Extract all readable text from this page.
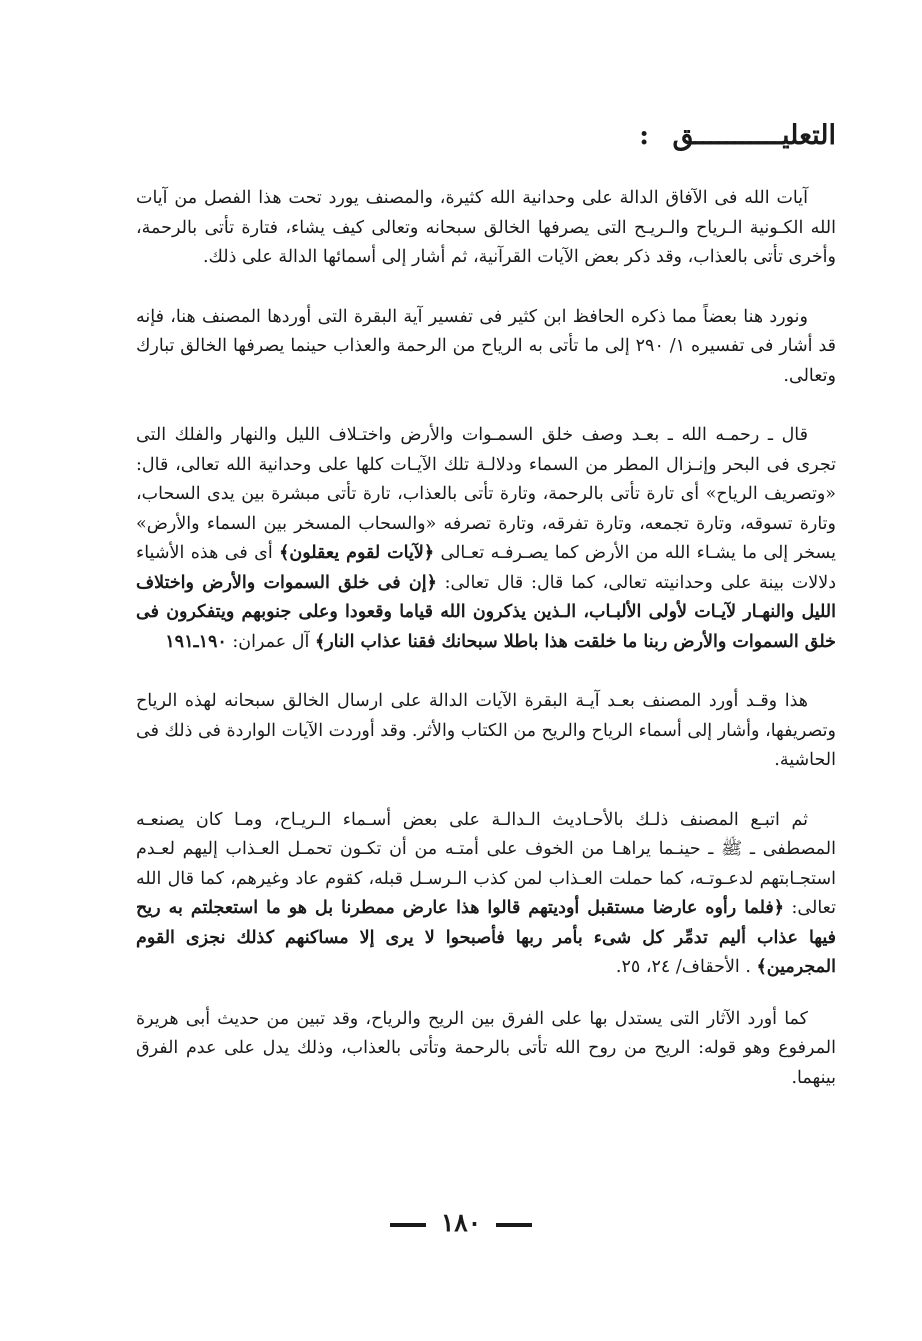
التعليـــــــــــق :

آيات الله فى الآفاق الدالة على وحدانية الله كثيرة، والمصنف يورد تحت هذا الفصل من آيات الله الكـونية الـرياح والـريـح التى يصرفها الخالق سبحانه وتعالى كيف يشاء، فتارة تأتى بالرحمة، وأخرى تأتى بالعذاب، وقد ذكر بعض الآيات القرآنية، ثم أشار إلى أسمائها الدالة على ذلك.

ونورد هنا بعضاً مما ذكره الحافظ ابن كثير فى تفسير آية البقرة التى أوردها المصنف هنا، فإنه قد أشار فى تفسيره ١/ ٢٩٠ إلى ما تأتى به الرياح من الرحمة والعذاب حينما يصرفها الخالق تبارك وتعالى.

قال ـ رحمـه الله ـ بعـد وصف خلق السمـوات والأرض واختـلاف الليل والنهار والفلك التى تجرى فى البحر وإنـزال المطر من السماء ودلالـة تلك الآيـات كلها على وحدانية الله تعالى، قال: «وتصريف الرياح» أى تارة تأتى بالرحمة، وتارة تأتى بالعذاب، تارة تأتى مبشرة بين يدى السحاب، وتارة تسوقه، وتارة تجمعه، وتارة تفرقه، وتارة تصرفه «والسحاب المسخر بين السماء والأرض» يسخر إلى ما يشـاء الله من الأرض كما يصـرفـه تعـالى ﴿لآيات لقوم يعقلون﴾ أى فى هذه الأشياء دلالات بينة على وحدانيته تعالى، كما قال: قال تعالى: ﴿إن فى خلق السموات والأرض واختلاف الليل والنهـار لآيـات لأولى الألبـاب، الـذين يذكرون الله قياما وقعودا وعلى جنوبهم ويتفكرون فى خلق السموات والأرض ربنا ما خلقت هذا باطلا سبحانك فقنا عذاب النار﴾ آل عمران: ١٩٠ـ١٩١

هذا وقـد أورد المصنف بعـد آيـة البقرة الآيات الدالة على ارسال الخالق سبحانه لهذه الرياح وتصريفها، وأشار إلى أسماء الرياح والريح من الكتاب والأثر. وقد أوردت الآيات الواردة فى ذلك فى الحاشية.

ثم اتبـع المصنف ذلـك بالأحـاديث الـدالـة على بعض أسـماء الـريـاح، ومـا كان يصنعـه المصطفى ـ ﷺ ـ حينـما يراهـا من الخوف على أمتـه من أن تكـون تحمـل العـذاب إليهم لعـدم استجـابتهم لدعـوتـه، كما حملت العـذاب لمن كذب الـرسـل قبله، كقوم عاد وغيرهم، كما قال الله تعالى: ﴿فلما رأوه عارضا مستقبل أوديتهم قالوا هذا عارض ممطرنا بل هو ما استعجلتم به ريح فيها عذاب أليم تدمِّر كل شىء بأمر ربها فأصبحوا لا يرى إلا مساكنهم كذلك نجزى القوم المجرمين﴾ . الأحقاف/ ٢٤، ٢٥.

كما أورد الآثار التى يستدل بها على الفرق بين الريح والرياح، وقد تبين من حديث أبى هريرة المرفوع وهو قوله: الريح من روح الله تأتى بالرحمة وتأتى بالعذاب، وذلك يدل على عدم الفرق بينهما.

١٨٠
